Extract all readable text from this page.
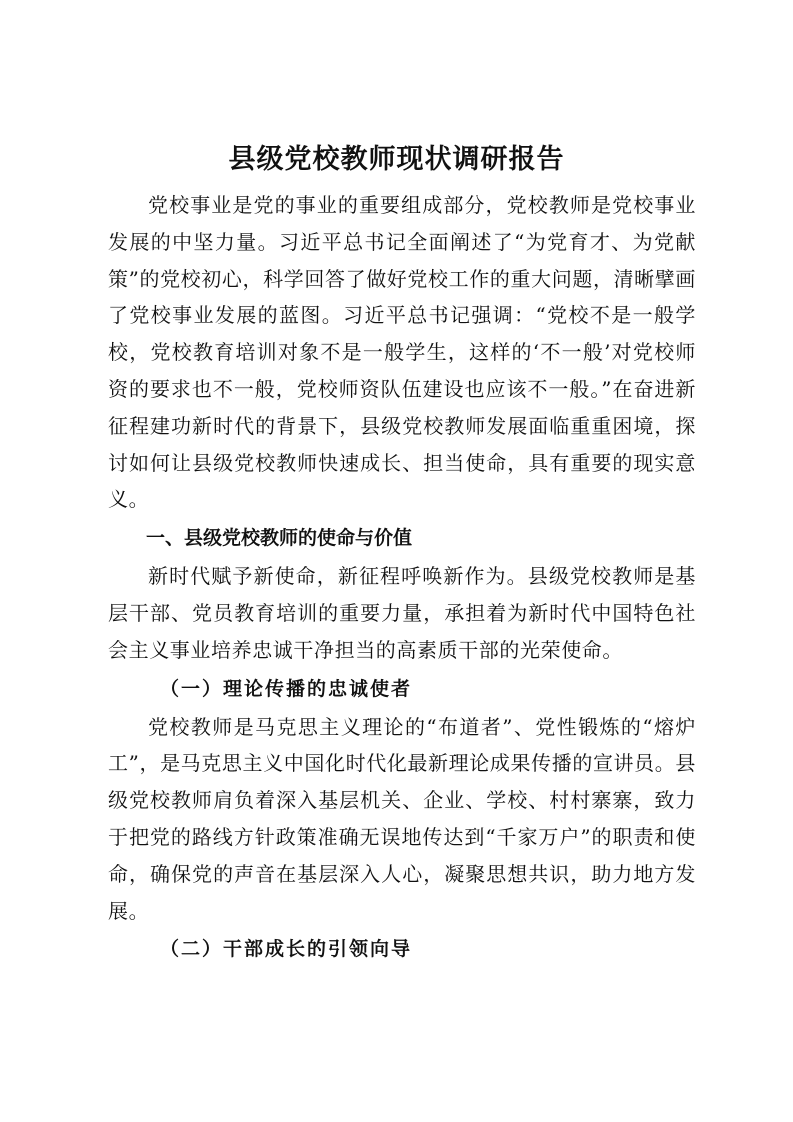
县级党校教师现状调研报告

党校事业是党的事业的重要组成部分，党校教师是党校事业发展的中坚力量。习近平总书记全面阐述了“为党育才、为党献策”的党校初心，科学回答了做好党校工作的重大问题，清晰擘画了党校事业发展的蓝图。习近平总书记强调：“党校不是一般学校，党校教育培训对象不是一般学生，这样的‘不一般’对党校师资的要求也不一般，党校师资队伍建设也应该不一般。”在奋进新征程建功新时代的背景下，县级党校教师发展面临重重困境，探讨如何让县级党校教师快速成长、担当使命，具有重要的现实意义。

一、县级党校教师的使命与价值

新时代赋予新使命，新征程呼唤新作为。县级党校教师是基层干部、党员教育培训的重要力量，承担着为新时代中国特色社会主义事业培养忠诚干净担当的高素质干部的光荣使命。

（一）理论传播的忠诚使者

党校教师是马克思主义理论的“布道者”、党性锻炼的“熔炉工”，是马克思主义中国化时代化最新理论成果传播的宣讲员。县级党校教师肩负着深入基层机关、企业、学校、村村寨寨，致力于把党的路线方针政策准确无误地传达到“千家万户”的职责和使命，确保党的声音在基层深入人心，凝聚思想共识，助力地方发展。

（二）干部成长的引领向导
